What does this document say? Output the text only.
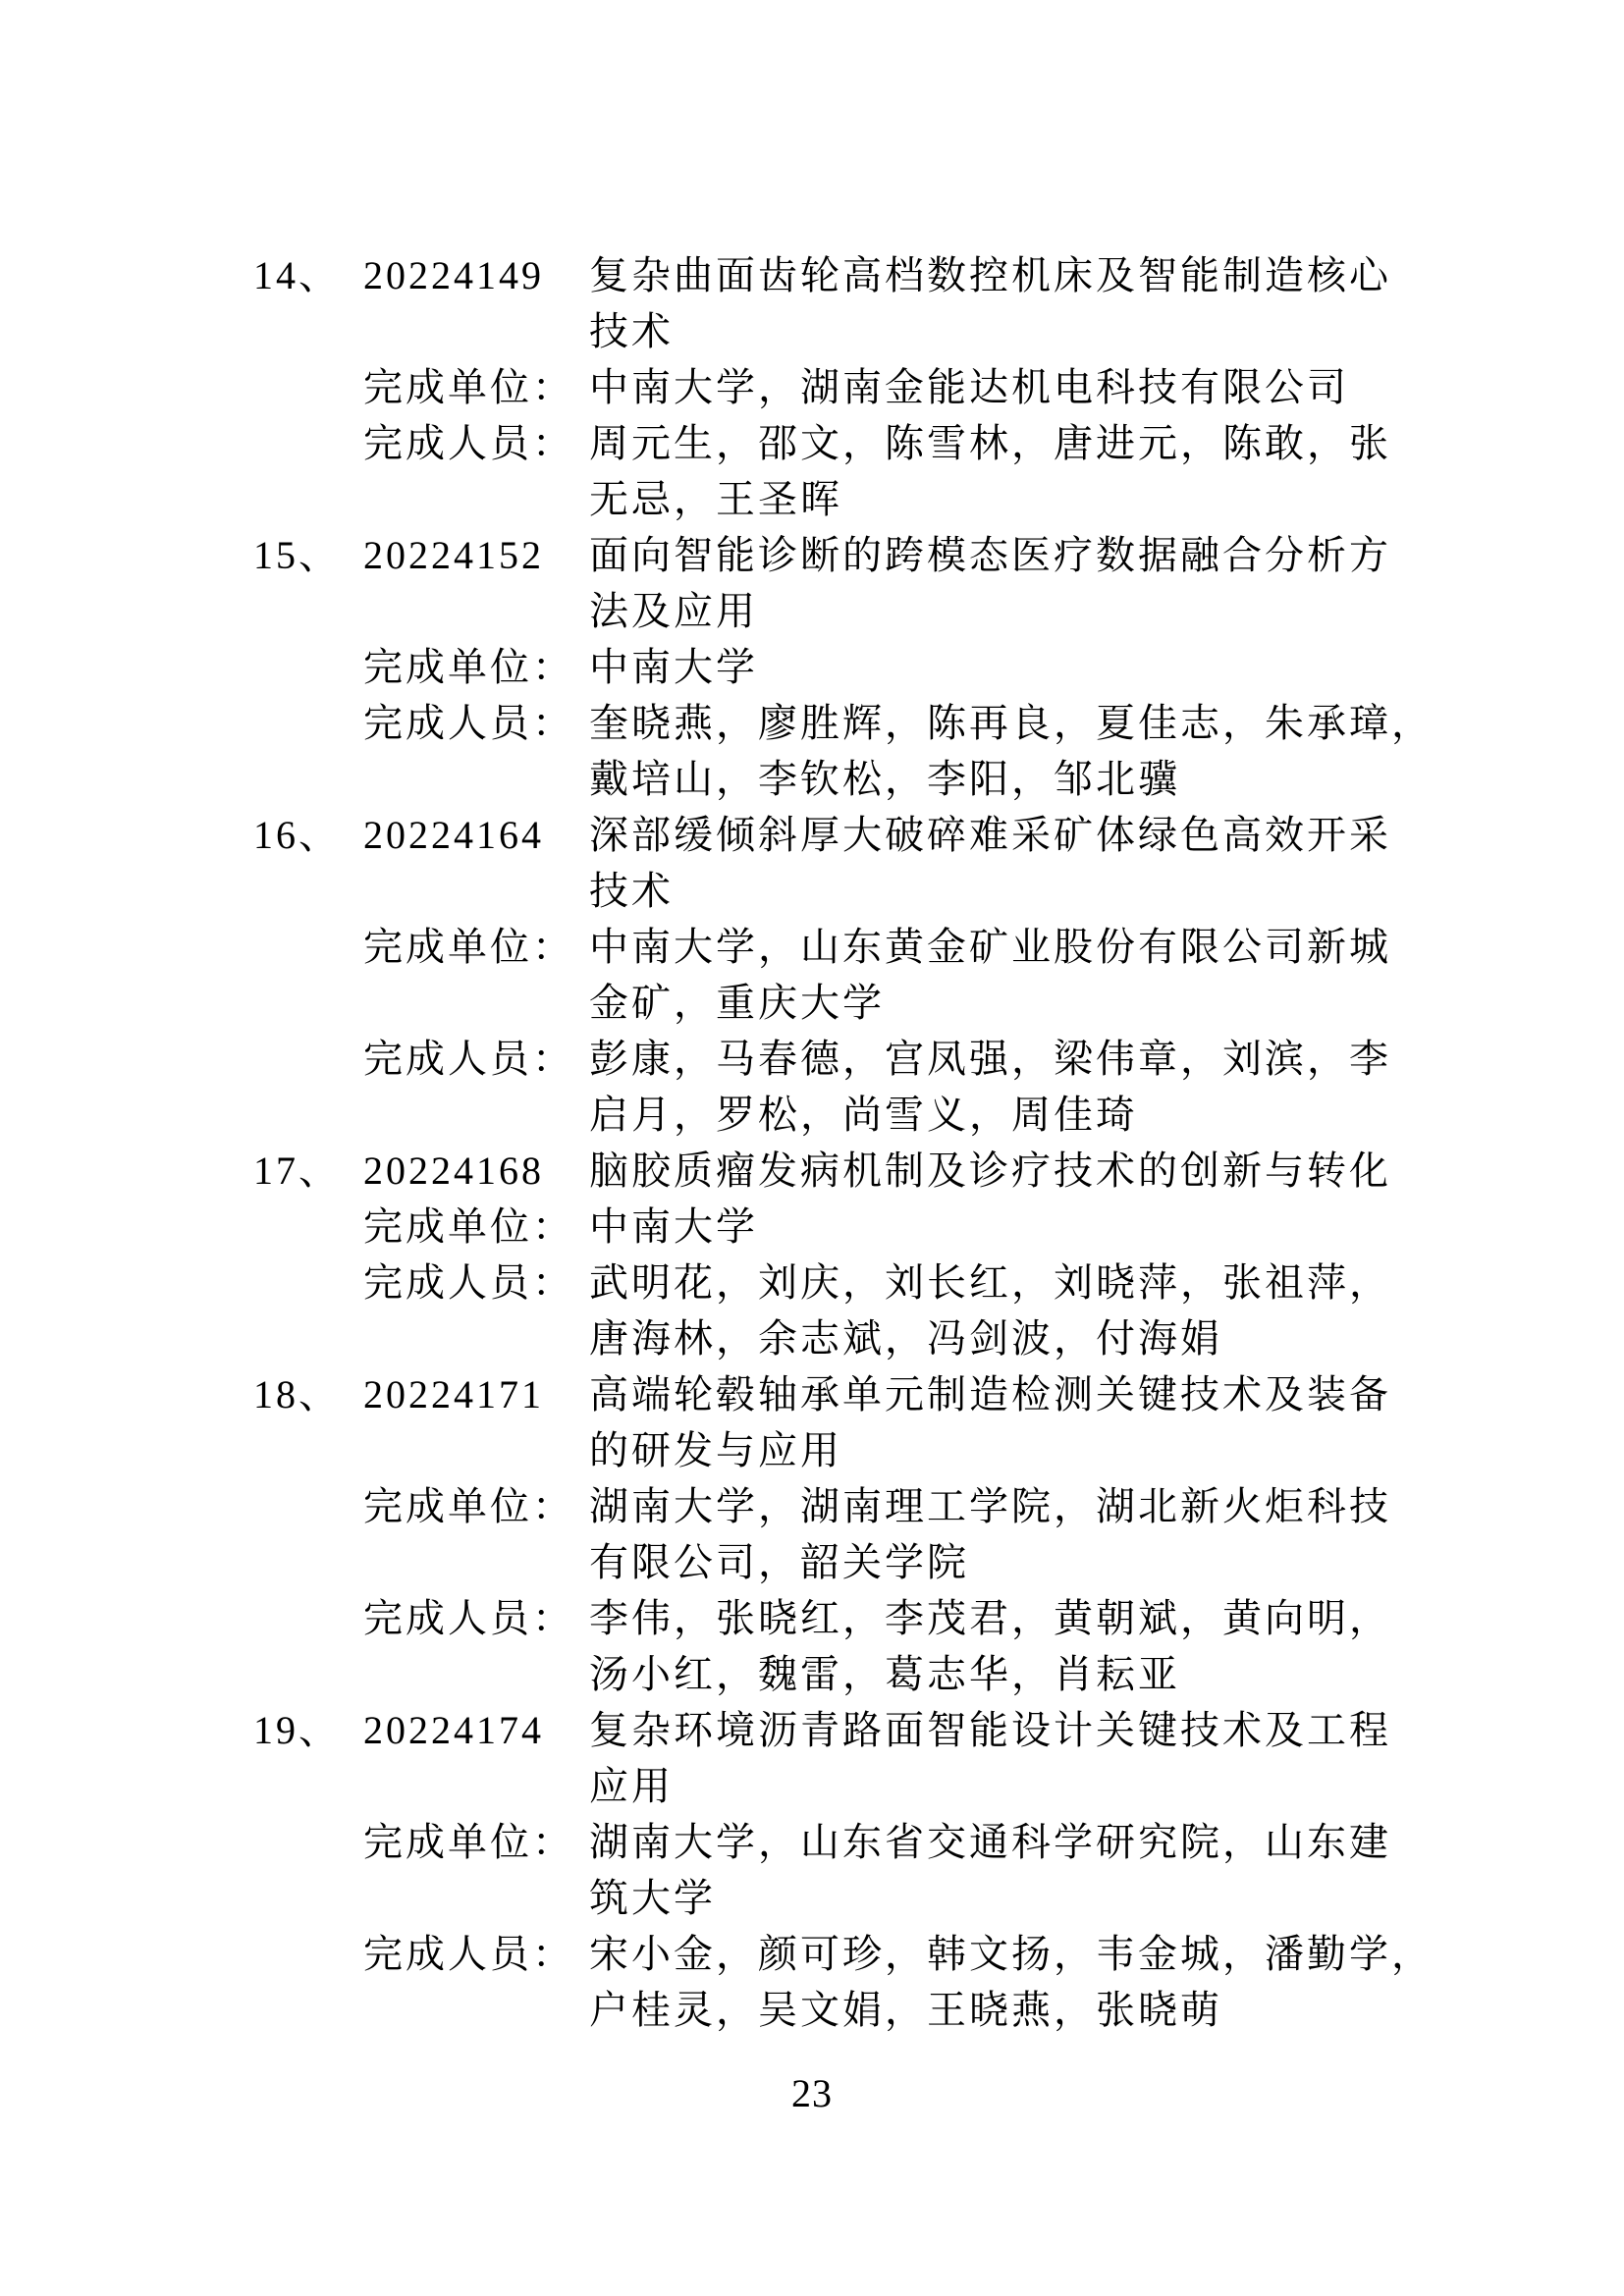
14、 20224149	复杂曲面齿轮高档数控机床及智能制造核心
技术
完成单位： 中南大学，湖南金能达机电科技有限公司
完成人员： 周元生，邵文，陈雪林，唐进元，陈敢，张
无忌，王圣晖
15、 20224152	面向智能诊断的跨模态医疗数据融合分析方
法及应用
完成单位： 中南大学
完成人员： 奎晓燕，廖胜辉，陈再良，夏佳志，朱承璋，
戴培山，李钦松，李阳，邹北骥
16、 20224164	深部缓倾斜厚大破碎难采矿体绿色高效开采
技术
完成单位： 中南大学，山东黄金矿业股份有限公司新城
金矿，重庆大学
完成人员： 彭康，马春德，宫凤强，梁伟章，刘滨，李
启月，罗松，尚雪义，周佳琦
17、 20224168	脑胶质瘤发病机制及诊疗技术的创新与转化
完成单位： 中南大学
完成人员： 武明花，刘庆，刘长红，刘晓萍，张祖萍，
唐海林，余志斌，冯剑波，付海娟
18、 20224171	高端轮毂轴承单元制造检测关键技术及装备
的研发与应用
完成单位： 湖南大学，湖南理工学院，湖北新火炬科技
有限公司，韶关学院
完成人员： 李伟，张晓红，李茂君，黄朝斌，黄向明，
汤小红，魏雷，葛志华，肖耘亚
19、 20224174	复杂环境沥青路面智能设计关键技术及工程
应用
完成单位： 湖南大学，山东省交通科学研究院，山东建
筑大学
完成人员： 宋小金，颜可珍，韩文扬，韦金城，潘勤学，
户桂灵，吴文娟，王晓燕，张晓萌
23
